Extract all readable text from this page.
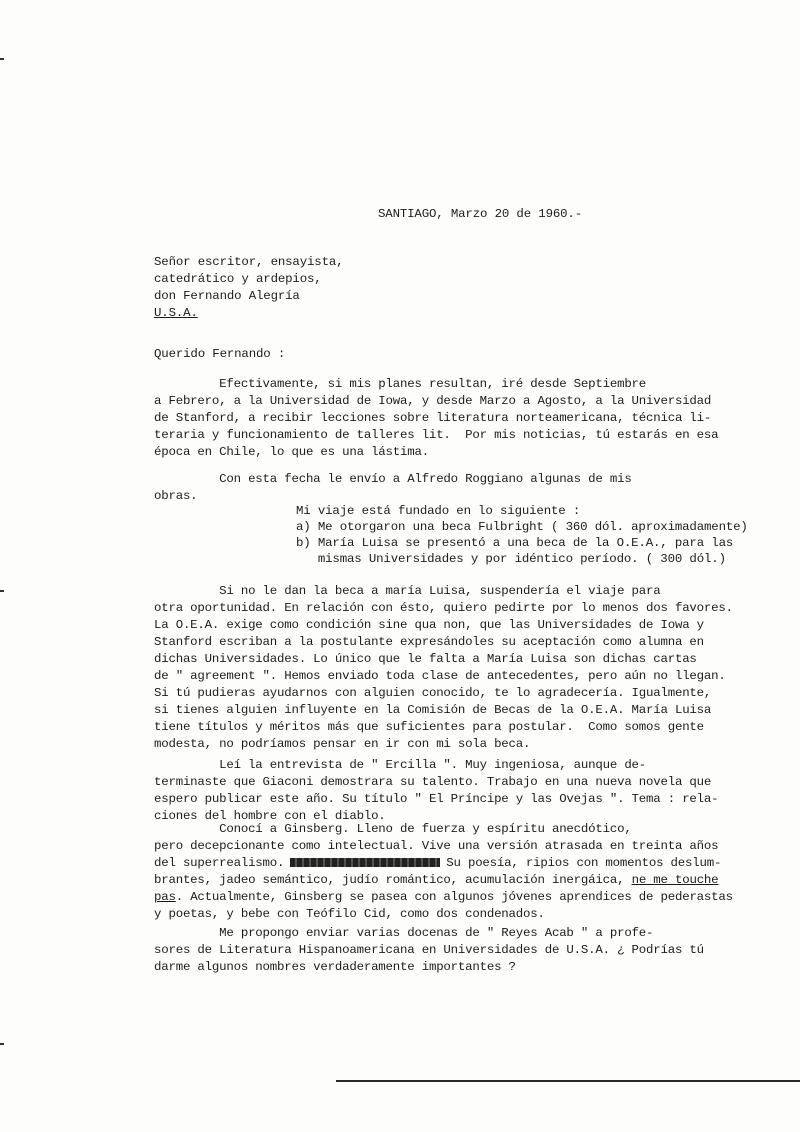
SANTIAGO, Marzo 20 de 1960.-
Señor escritor, ensayista,
catedrático y ardepios,
don Fernando Alegría
U.S.A.
Querido Fernando :
Efectivamente, si mis planes resultan, iré desde Septiembre
a Febrero, a la Universidad de Iowa, y desde Marzo a Agosto, a la Universidad
de Stanford, a recibir lecciones sobre literatura norteamericana, técnica li-
teraria y funcionamiento de talleres lit.  Por mis noticias, tú estarás en esa
época en Chile, lo que es una lástima.
Con esta fecha le envío a Alfredo Roggiano algunas de mis
obras.
Mi viaje está fundado en lo siguiente :
a) Me otorgaron una beca Fulbright ( 360 dól. aproximadamente)
b) María Luisa se presentó a una beca de la O.E.A., para las
mismas Universidades y por idéntico período. ( 300 dól.)
Si no le dan la beca a maría Luisa, suspendería el viaje para
otra oportunidad. En relación con ésto, quiero pedirte por lo menos dos favores.
La O.E.A. exige como condición sine qua non, que las Universidades de Iowa y
Stanford escriban a la postulante expresándoles su aceptación como alumna en
dichas Universidades. Lo único que le falta a María Luisa son dichas cartas
de " agreement ". Hemos enviado toda clase de antecedentes, pero aún no llegan.
Si tú pudieras ayudarnos con alguien conocido, te lo agradecería. Igualmente,
si tienes alguien influyente en la Comisión de Becas de la O.E.A. María Luisa
tiene títulos y méritos más que suficientes para postular.  Como somos gente
modesta, no podríamos pensar en ir con mi sola beca.
Leí la entrevista de " Ercilla ". Muy ingeniosa, aunque de-
terminaste que Giaconi demostrara su talento. Trabajo en una nueva novela que
espero publicar este año. Su título " El Príncipe y las Ovejas ". Tema : rela-
ciones del hombre con el diablo.
Conocí a Ginsberg. Lleno de fuerza y espíritu anecdótico,
pero decepcionante como intelectual. Vive una versión atrasada en treinta años
del superrealismo.	Su poesía, ripios con momentos deslum-
brantes, jadeo semántico, judío romántico, acumulación inergáica, ne me touche
pas. Actualmente, Ginsberg se pasea con algunos jóvenes aprendices de pederastas
y poetas, y bebe con Teófilo Cid, como dos condenados.
Me propongo enviar varias docenas de " Reyes Acab " a profe-
sores de Literatura Hispanoamericana en Universidades de U.S.A. ¿ Podrías tú
darme algunos nombres verdaderamente importantes ?
